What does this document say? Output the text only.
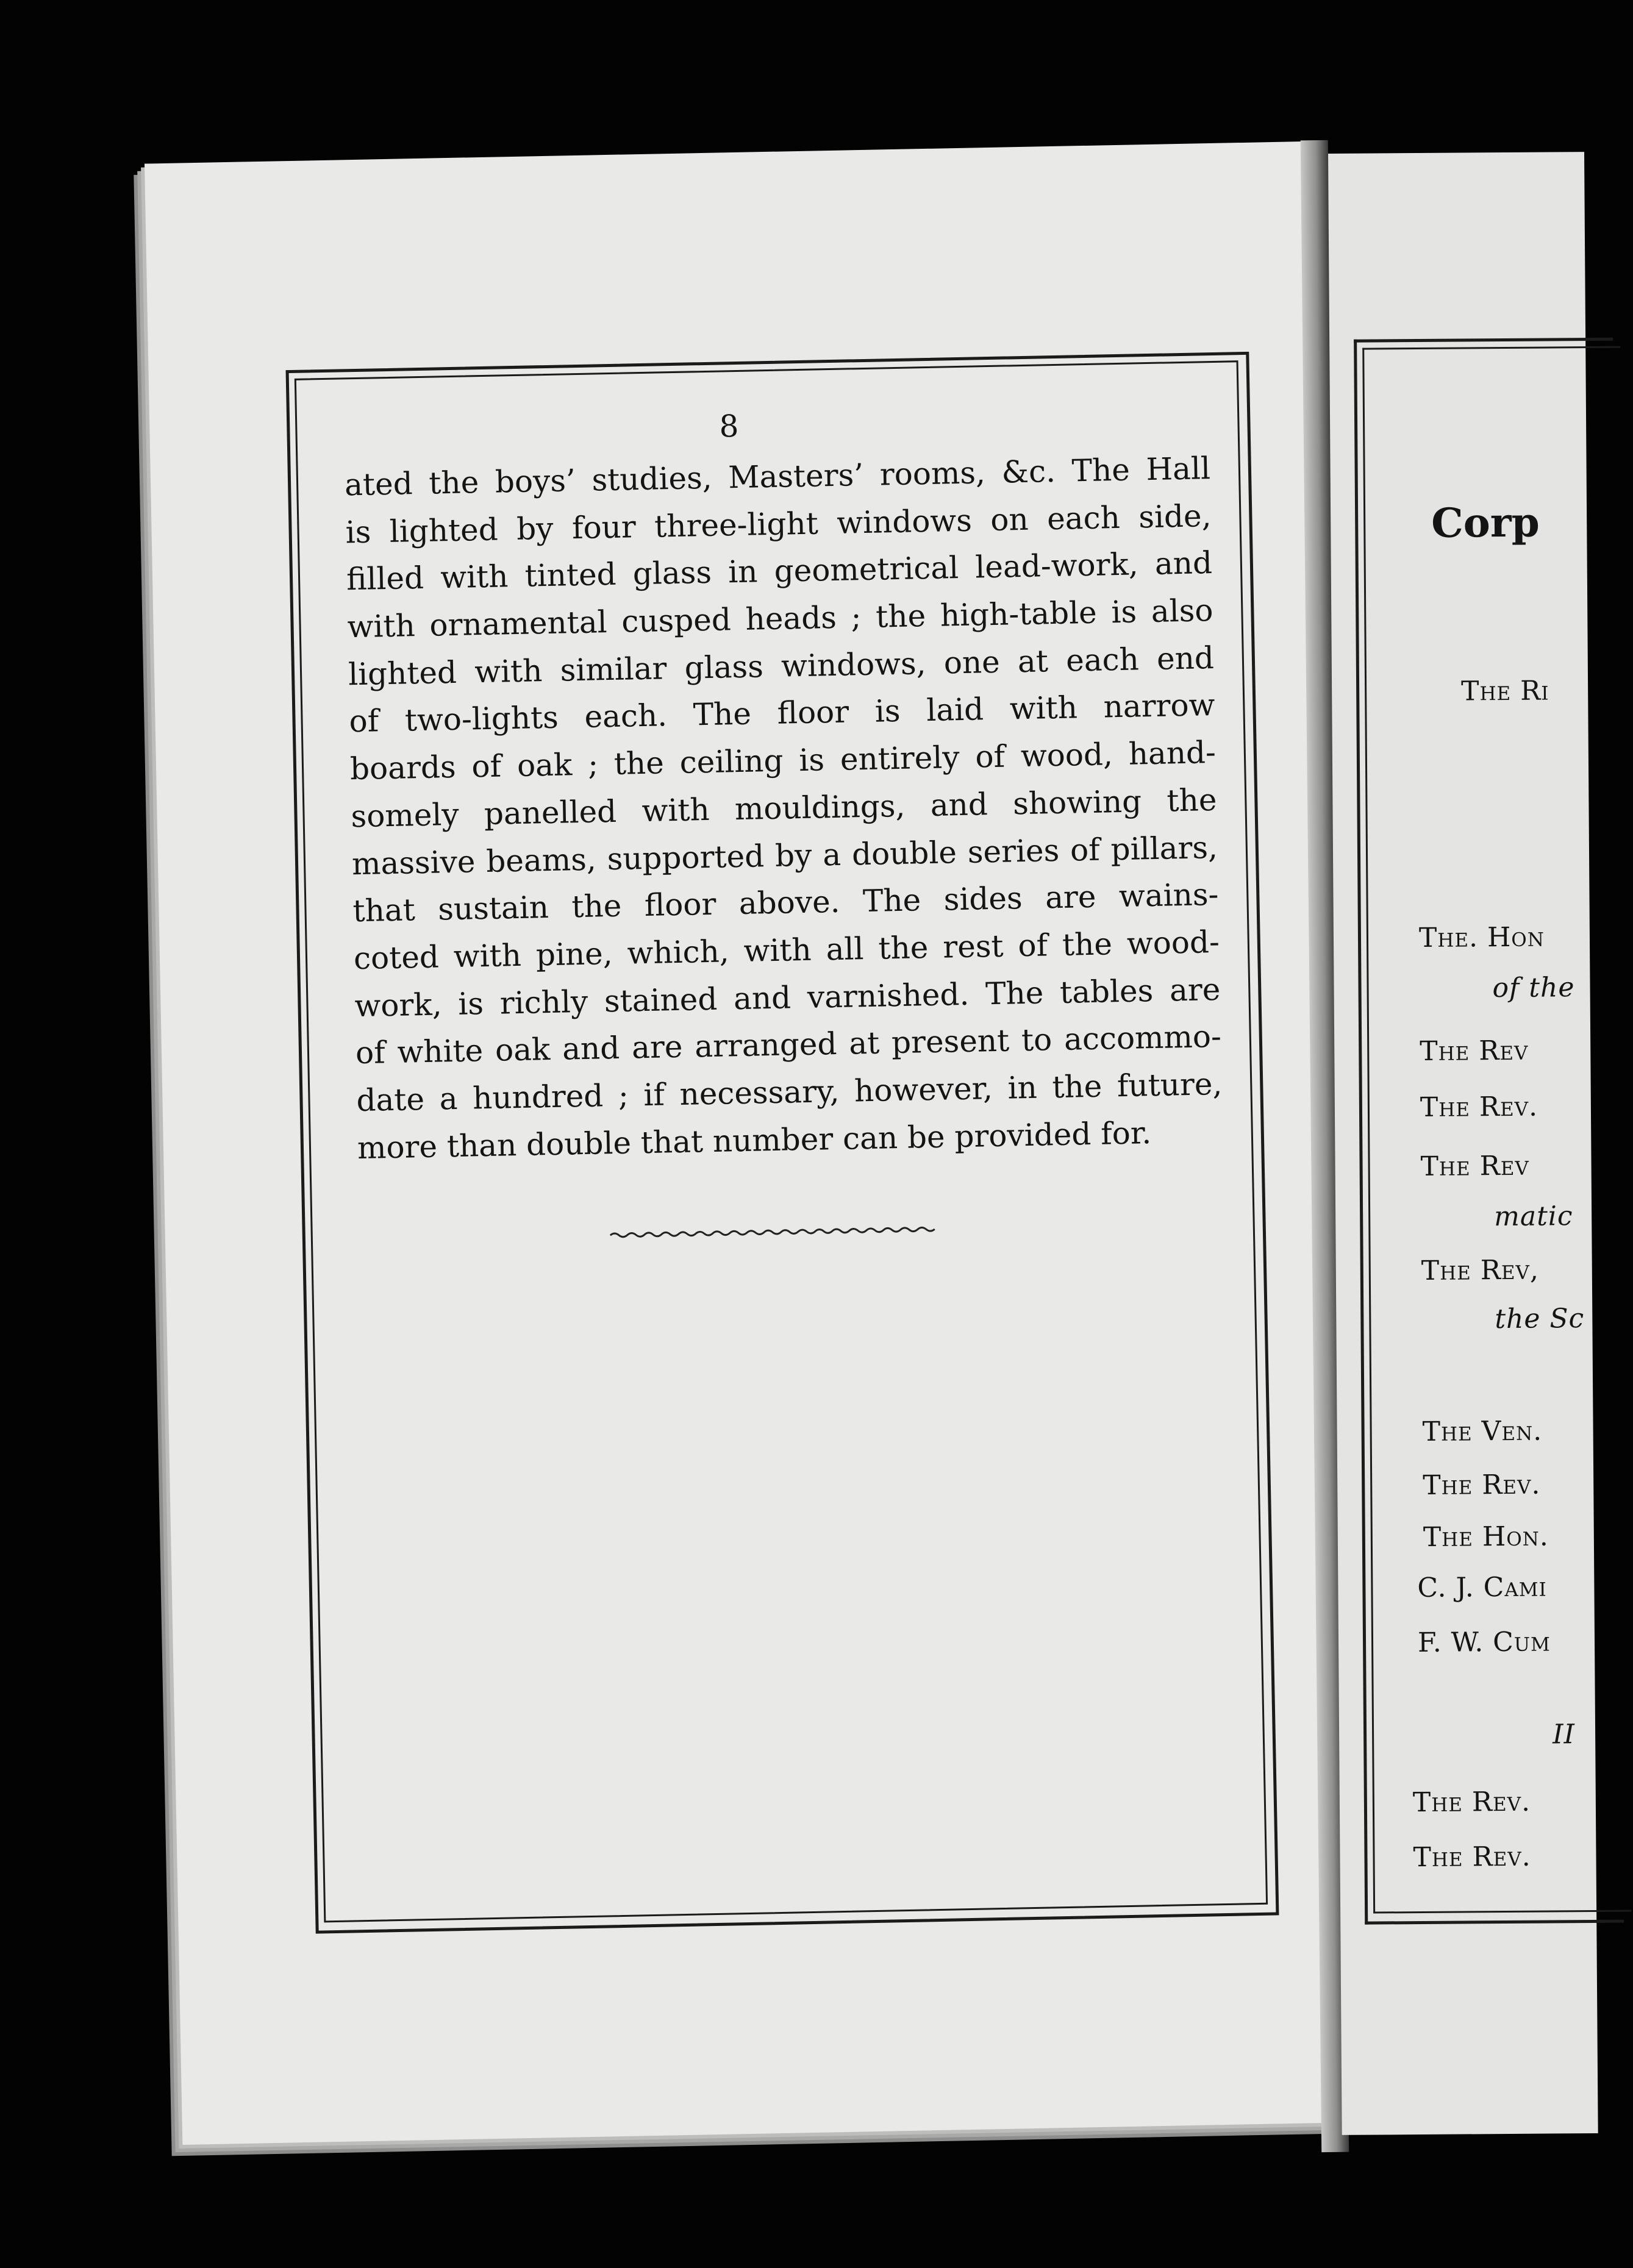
8
ated the boys’ studies, Masters’ rooms, &c. The Hall
is lighted by four three-light windows on each side,
filled with tinted glass in geometrical lead-work, and
with ornamental cusped heads ; the high-table is also
lighted with similar glass windows, one at each end
of two-lights each. The floor is laid with narrow
boards of oak ; the ceiling is entirely of wood, hand-
somely panelled with mouldings, and showing the
massive beams, supported by a double series of pillars,
that sustain the floor above. The sides are wains-
coted with pine, which, with all the rest of the wood-
work, is richly stained and varnished. The tables are
of white oak and are arranged at present to accommo-
date a hundred ; if necessary, however, in the future,
more than double that number can be provided for.
Corp
The Ri
The. Hon
of the
The Rev
The Rev.
The Rev
matic
The Rev,
the Sc
The Ven.
The Rev.
The Hon.
C. J. Cami
F. W. Cum
II
The Rev.
The Rev.
